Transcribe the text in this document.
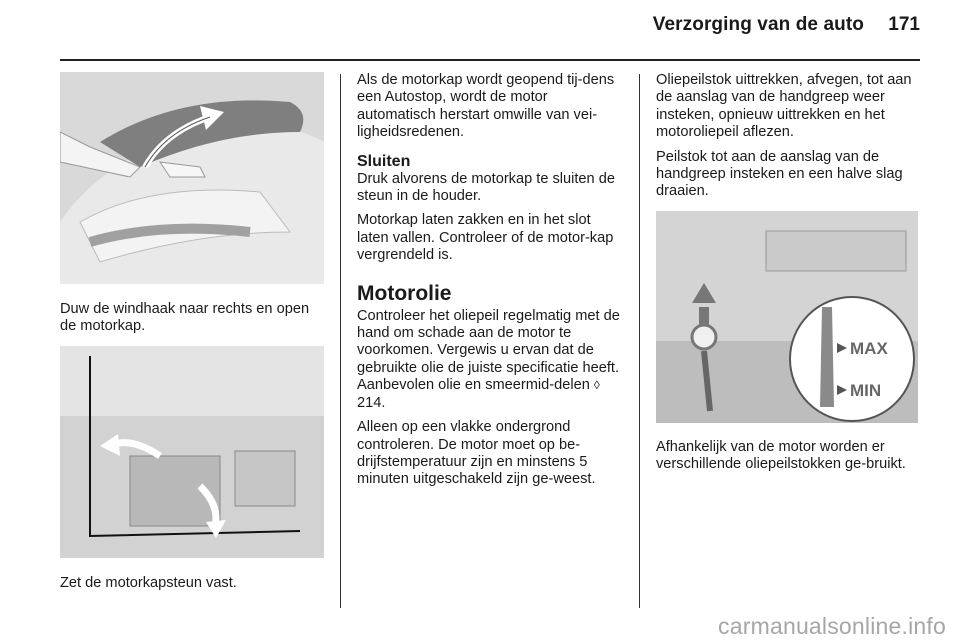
Verzorging van de auto 171

Duw de windhaak naar rechts en open de motorkap.

Zet de motorkapsteun vast.

Als de motorkap wordt geopend tij-dens een Autostop, wordt de motor automatisch herstart omwille van vei-ligheidsredenen.

Sluiten

Druk alvorens de motorkap te sluiten de steun in de houder.

Motorkap laten zakken en in het slot laten vallen. Controleer of de motor-kap vergrendeld is.

Motorolie

Controleer het oliepeil regelmatig met de hand om schade aan de motor te voorkomen. Vergewis u ervan dat de gebruikte olie de juiste specificatie heeft. Aanbevolen olie en smeermid-delen ◊ 214.

Alleen op een vlakke ondergrond controleren. De motor moet op be-drijfstemperatuur zijn en minstens 5 minuten uitgeschakeld zijn ge-weest.

Oliepeilstok uittrekken, afvegen, tot aan de aanslag van de handgreep weer insteken, opnieuw uittrekken en het motoroliepeil aflezen.

Peilstok tot aan de aanslag van de handgreep insteken en een halve slag draaien.

MAX
MIN

Afhankelijk van de motor worden er verschillende oliepeilstokken ge-bruikt.

carmanualsonline.info
